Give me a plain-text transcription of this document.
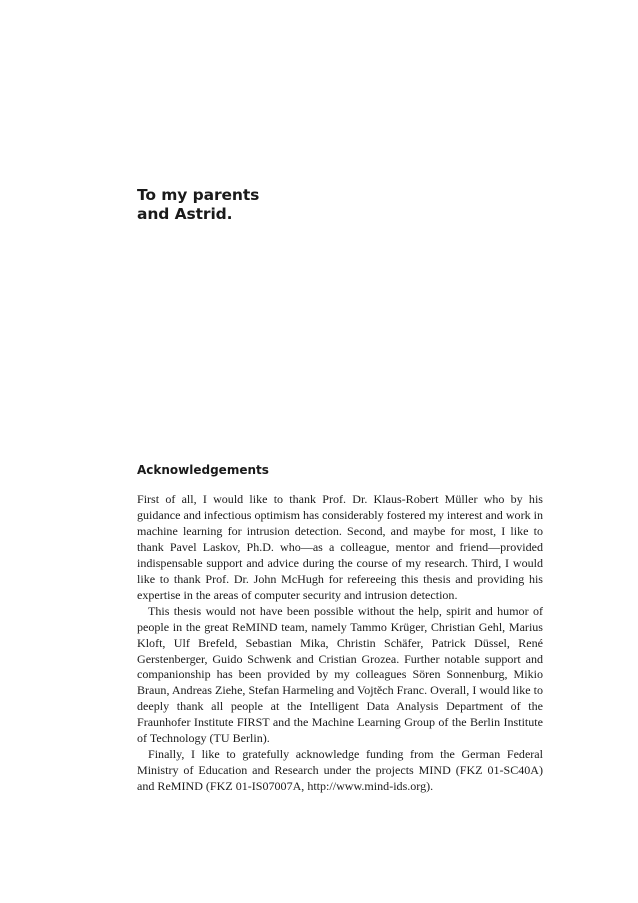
To my parents
and Astrid.
Acknowledgements

First of all, I would like to thank Prof. Dr. Klaus-Robert Müller who by his guidance and infectious optimism has considerably fostered my interest and work in machine learning for intrusion detection. Second, and maybe for most, I like to thank Pavel Laskov, Ph.D. who—as a colleague, mentor and friend—provided indispensable support and advice during the course of my research. Third, I would like to thank Prof. Dr. John McHugh for refereeing this thesis and providing his expertise in the areas of computer security and intrusion detection.

This thesis would not have been possible without the help, spirit and humor of people in the great ReMIND team, namely Tammo Krüger, Christian Gehl, Marius Kloft, Ulf Brefeld, Sebastian Mika, Christin Schäfer, Patrick Düssel, René Gerstenberger, Guido Schwenk and Cristian Grozea. Further notable support and companionship has been provided by my colleagues Sören Sonnenburg, Mikio Braun, Andreas Ziehe, Stefan Harmeling and Vojtěch Franc. Overall, I would like to deeply thank all people at the Intelligent Data Analysis Department of the Fraunhofer Institute FIRST and the Machine Learning Group of the Berlin Institute of Technology (TU Berlin).

Finally, I like to gratefully acknowledge funding from the German Federal Ministry of Education and Research under the projects MIND (FKZ 01-SC40A) and ReMIND (FKZ 01-IS07007A, http://www.mind-ids.org).
